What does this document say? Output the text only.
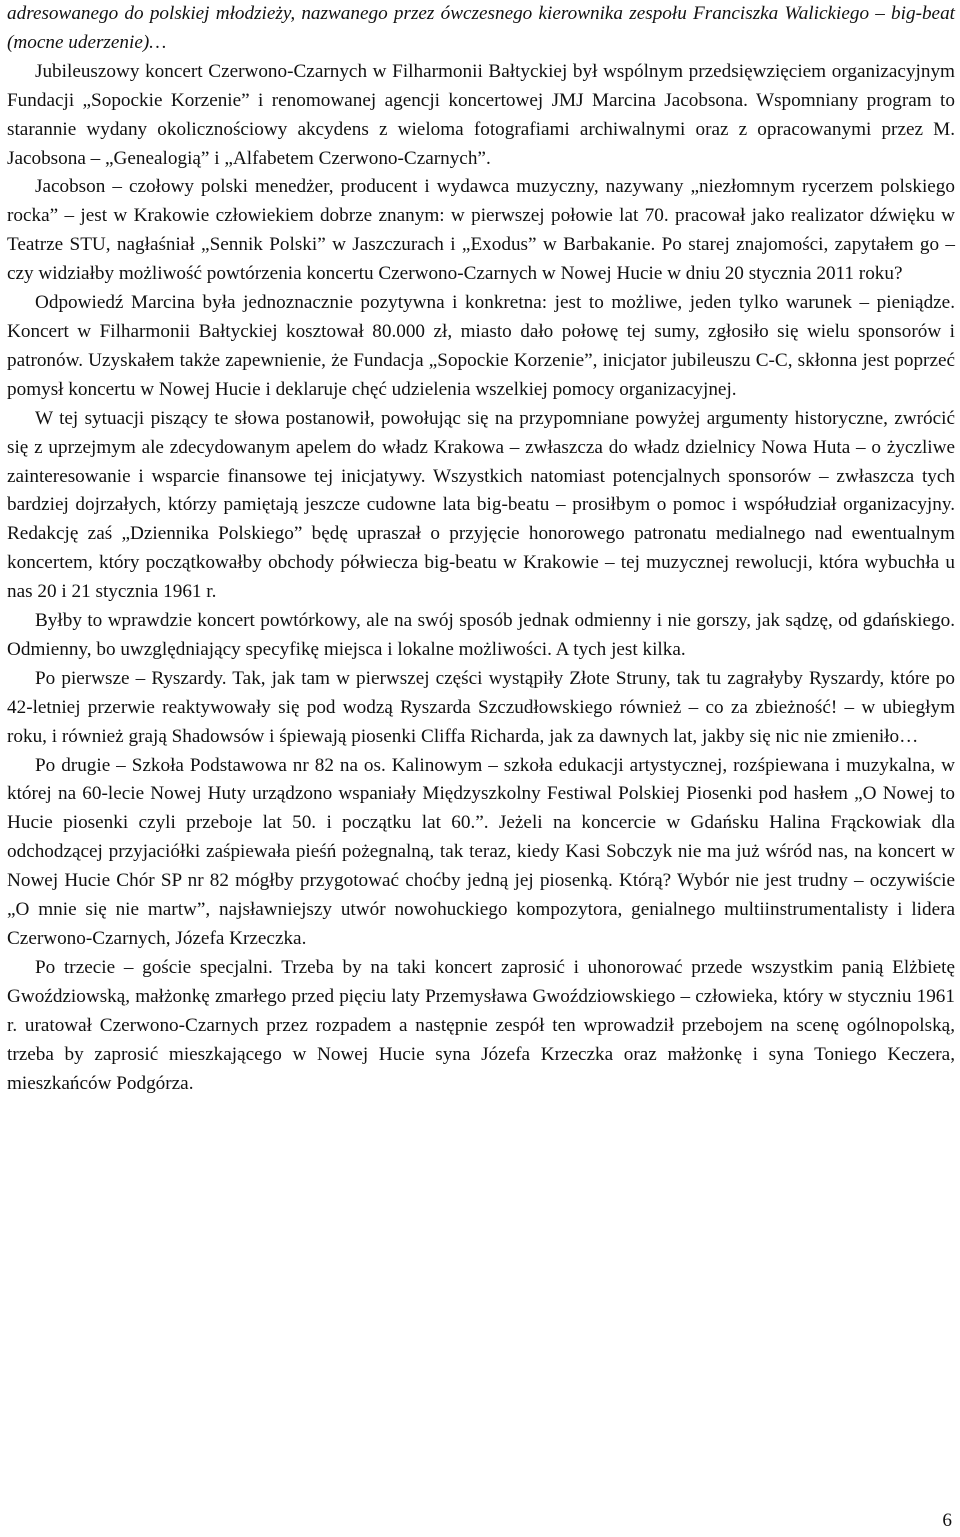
adresowanego do polskiej młodzieży, nazwanego przez ówczesnego kierownika zespołu Franciszka Walickiego – big-beat (mocne uderzenie)…

Jubileuszowy koncert Czerwono-Czarnych w Filharmonii Bałtyckiej był wspólnym przedsięwzięciem organizacyjnym Fundacji „Sopockie Korzenie” i renomowanej agencji koncertowej JMJ Marcina Jacobsona. Wspomniany program to starannie wydany okolicznościowy akcydens z wieloma fotografiami archiwalnymi oraz z opracowanymi przez M. Jacobsona – „Genealogią” i „Alfabetem Czerwono-Czarnych”.

Jacobson – czołowy polski menedżer, producent i wydawca muzyczny, nazywany „niezłomnym rycerzem polskiego rocka” – jest w Krakowie człowiekiem dobrze znanym: w pierwszej połowie lat 70. pracował jako realizator dźwięku w Teatrze STU, nagłaśniał „Sennik Polski” w Jaszczurach i „Exodus” w Barbakanie. Po starej znajomości, zapytałem go – czy widziałby możliwość powtórzenia koncertu Czerwono-Czarnych w Nowej Hucie w dniu 20 stycznia 2011 roku?

Odpowiedź Marcina była jednoznacznie pozytywna i konkretna: jest to możliwe, jeden tylko warunek – pieniądze. Koncert w Filharmonii Bałtyckiej kosztował 80.000 zł, miasto dało połowę tej sumy, zgłosiło się wielu sponsorów i patronów. Uzyskałem także zapewnienie, że Fundacja „Sopockie Korzenie”, inicjator jubileuszu C-C, skłonna jest poprzeć pomysł koncertu w Nowej Hucie i deklaruje chęć udzielenia wszelkiej pomocy organizacyjnej.

W tej sytuacji piszący te słowa postanowił, powołując się na przypomniane powyżej argumenty historyczne, zwrócić się z uprzejmym ale zdecydowanym apelem do władz Krakowa – zwłaszcza do władz dzielnicy Nowa Huta – o życzliwe zainteresowanie i wsparcie finansowe tej inicjatywy. Wszystkich natomiast potencjalnych sponsorów – zwłaszcza tych bardziej dojrzałych, którzy pamiętają jeszcze cudowne lata big-beatu – prosiłbym o pomoc i współudział organizacyjny. Redakcję zaś „Dziennika Polskiego” będę upraszał o przyjęcie honorowego patronatu medialnego nad ewentualnym koncertem, który początkowałby obchody półwiecza big-beatu w Krakowie – tej muzycznej rewolucji, która wybuchła u nas 20 i 21 stycznia 1961 r.

Byłby to wprawdzie koncert powtórkowy, ale na swój sposób jednak odmienny i nie gorszy, jak sądzę, od gdańskiego. Odmienny, bo uwzględniający specyfikę miejsca i lokalne możliwości. A tych jest kilka.

Po pierwsze – Ryszardy. Tak, jak tam w pierwszej części wystąpiły Złote Struny, tak tu zagrałyby Ryszardy, które po 42-letniej przerwie reaktywowały się pod wodzą Ryszarda Szczudłowskiego również – co za zbieżność! – w ubiegłym roku, i również grają Shadowsów i śpiewają piosenki Cliffa Richarda, jak za dawnych lat, jakby się nic nie zmieniło…

Po drugie – Szkoła Podstawowa nr 82 na os. Kalinowym – szkoła edukacji artystycznej, rozśpiewana i muzykalna, w której na 60-lecie Nowej Huty urządzono wspaniały Międzyszkolny Festiwal Polskiej Piosenki pod hasłem „O Nowej to Hucie piosenki czyli przeboje lat 50. i początku lat 60.”. Jeżeli na koncercie w Gdańsku Halina Frąckowiak dla odchodzącej przyjaciółki zaśpiewała pieśń pożegnalną, tak teraz, kiedy Kasi Sobczyk nie ma już wśród nas, na koncert w Nowej Hucie Chór SP nr 82 mógłby przygotować choćby jedną jej piosenką. Którą? Wybór nie jest trudny – oczywiście „O mnie się nie martw”, najsławniejszy utwór nowohuckiego kompozytora, genialnego multiinstrumentalisty i lidera Czerwono-Czarnych, Józefa Krzeczka.

Po trzecie – goście specjalni. Trzeba by na taki koncert zaprosić i uhonorować przede wszystkim panią Elżbietę Gwoździowską, małżonkę zmarłego przed pięciu laty Przemysława Gwoździowskiego – człowieka, który w styczniu 1961 r. uratował Czerwono-Czarnych przez rozpadem a następnie zespół ten wprowadził przebojem na scenę ogólnopolską, trzeba by zaprosić mieszkającego w Nowej Hucie syna Józefa Krzeczka oraz małżonkę i syna Toniego Keczera, mieszkańców Podgórza.

6
